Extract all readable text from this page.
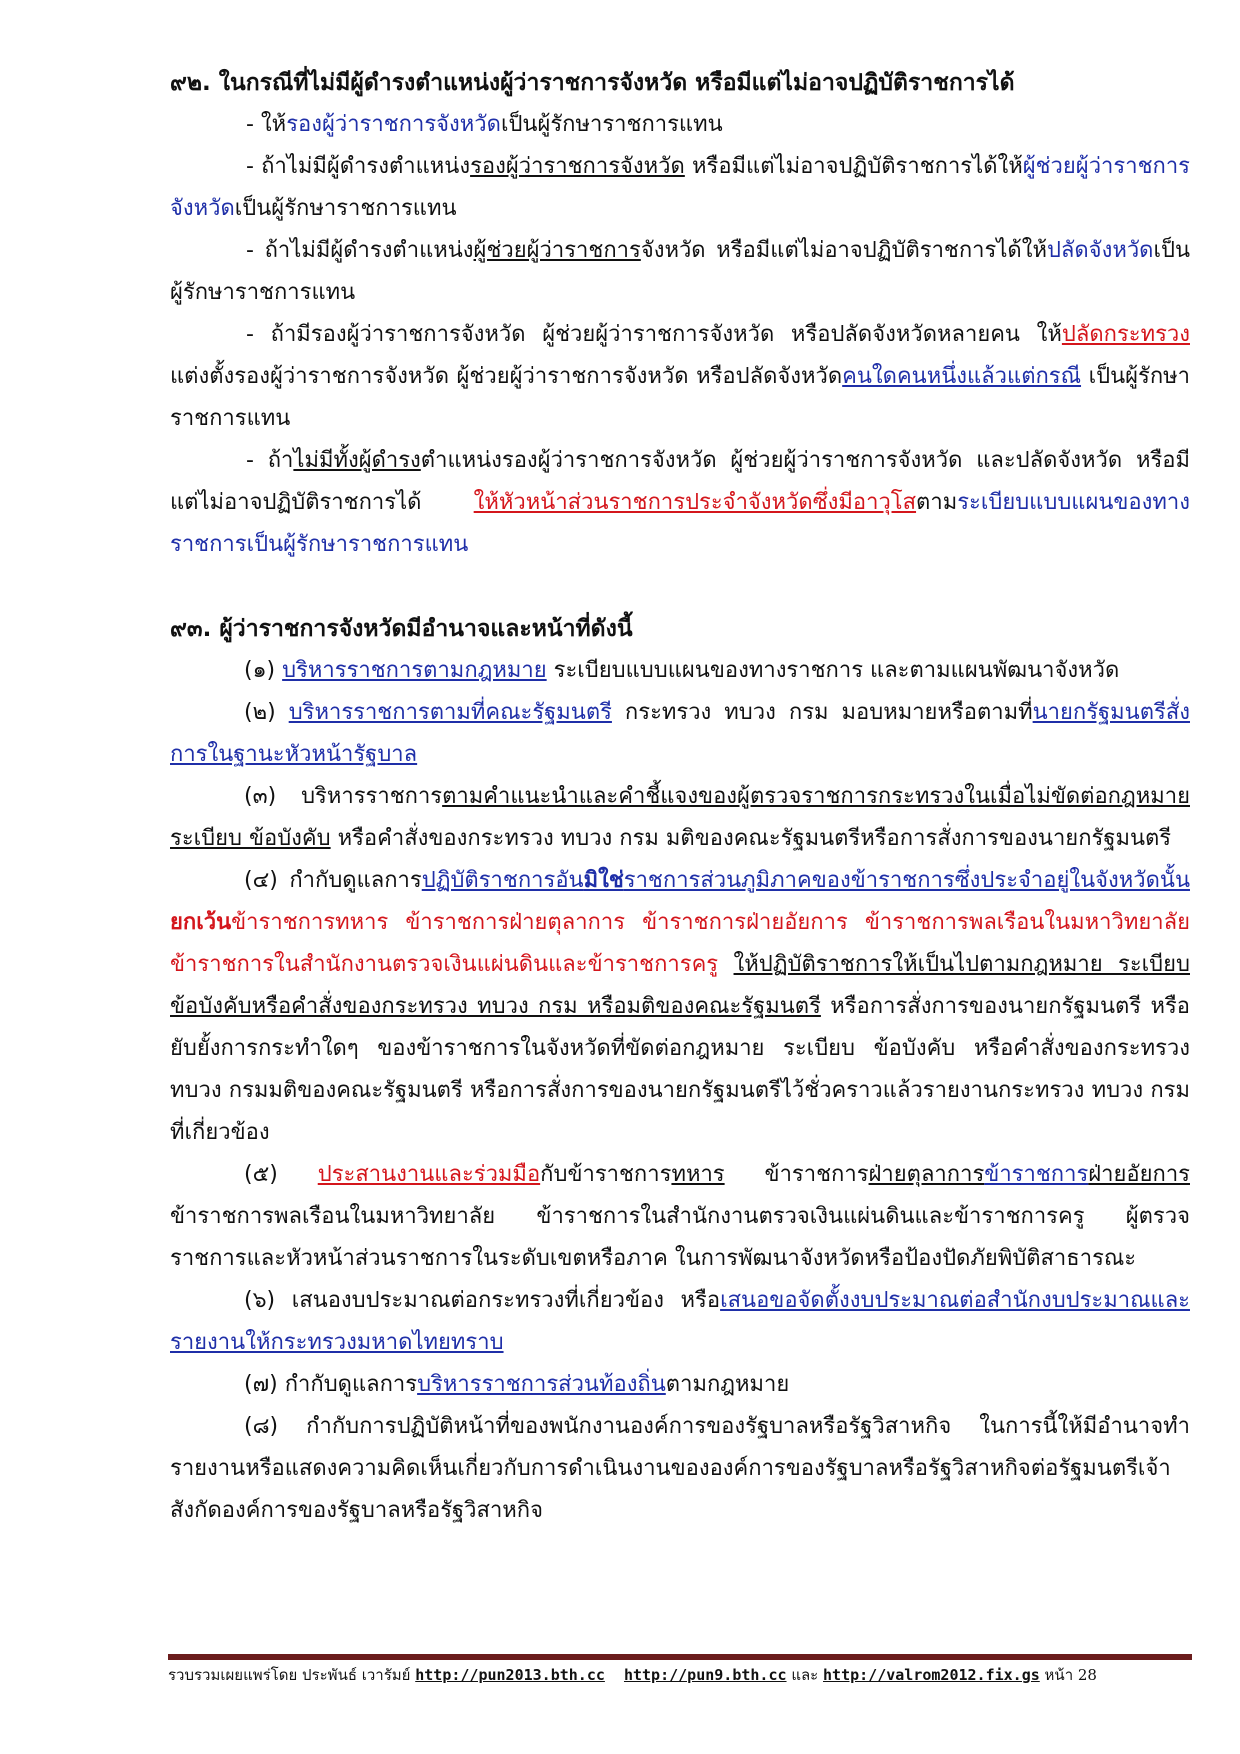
๙๒. ในกรณีที่ไม่มีผู้ดำรงตำแหน่งผู้ว่าราชการจังหวัด หรือมีแต่ไม่อาจปฏิบัติราชการได้

- ให้รองผู้ว่าราชการจังหวัดเป็นผู้รักษาราชการแทน

- ถ้าไม่มีผู้ดำรงตำแหน่งรองผู้ว่าราชการจังหวัด หรือมีแต่ไม่อาจปฏิบัติราชการได้ให้ผู้ช่วยผู้ว่าราชการจังหวัดเป็นผู้รักษาราชการแทน

- ถ้าไม่มีผู้ดำรงตำแหน่งผู้ช่วยผู้ว่าราชการจังหวัด หรือมีแต่ไม่อาจปฏิบัติราชการได้ให้ปลัดจังหวัดเป็นผู้รักษาราชการแทน

- ถ้ามีรองผู้ว่าราชการจังหวัด ผู้ช่วยผู้ว่าราชการจังหวัด หรือปลัดจังหวัดหลายคน ให้ปลัดกระทรวงแต่งตั้งรองผู้ว่าราชการจังหวัด ผู้ช่วยผู้ว่าราชการจังหวัด หรือปลัดจังหวัดคนใดคนหนึ่งแล้วแต่กรณี เป็นผู้รักษาราชการแทน

- ถ้าไม่มีทั้งผู้ดำรงตำแหน่งรองผู้ว่าราชการจังหวัด ผู้ช่วยผู้ว่าราชการจังหวัด และปลัดจังหวัด หรือมีแต่ไม่อาจปฏิบัติราชการได้ ให้หัวหน้าส่วนราชการประจำจังหวัดซึ่งมีอาวุโสตามระเบียบแบบแผนของทางราชการเป็นผู้รักษาราชการแทน

๙๓. ผู้ว่าราชการจังหวัดมีอำนาจและหน้าที่ดังนี้

(๑) บริหารราชการตามกฎหมาย ระเบียบแบบแผนของทางราชการ และตามแผนพัฒนาจังหวัด

(๒) บริหารราชการตามที่คณะรัฐมนตรี กระทรวง ทบวง กรม มอบหมายหรือตามที่นายกรัฐมนตรีสั่งการในฐานะหัวหน้ารัฐบาล

(๓) บริหารราชการตามคำแนะนำและคำชี้แจงของผู้ตรวจราชการกระทรวงในเมื่อไม่ขัดต่อกฎหมาย ระเบียบ ข้อบังคับ หรือคำสั่งของกระทรวง ทบวง กรม มติของคณะรัฐมนตรีหรือการสั่งการของนายกรัฐมนตรี

(๔) กำกับดูแลการปฏิบัติราชการอันมิใช่ราชการส่วนภูมิภาคของข้าราชการซึ่งประจำอยู่ในจังหวัดนั้น ยกเว้นข้าราชการทหาร ข้าราชการฝ่ายตุลาการ ข้าราชการฝ่ายอัยการ ข้าราชการพลเรือนในมหาวิทยาลัย ข้าราชการในสำนักงานตรวจเงินแผ่นดินและข้าราชการครู ให้ปฏิบัติราชการให้เป็นไปตามกฎหมาย ระเบียบ ข้อบังคับหรือคำสั่งของกระทรวง ทบวง กรม หรือมติของคณะรัฐมนตรี หรือการสั่งการของนายกรัฐมนตรี หรือยับยั้งการกระทำใดๆ ของข้าราชการในจังหวัดที่ขัดต่อกฎหมาย ระเบียบ ข้อบังคับ หรือคำสั่งของกระทรวง ทบวง กรมมติของคณะรัฐมนตรี หรือการสั่งการของนายกรัฐมนตรีไว้ชั่วคราวแล้วรายงานกระทรวง ทบวง กรม ที่เกี่ยวข้อง

(๕) ประสานงานและร่วมมือกับข้าราชการทหาร ข้าราชการฝ่ายตุลาการข้าราชการฝ่ายอัยการ ข้าราชการพลเรือนในมหาวิทยาลัย ข้าราชการในสำนักงานตรวจเงินแผ่นดินและข้าราชการครู ผู้ตรวจราชการและหัวหน้าส่วนราชการในระดับเขตหรือภาค ในการพัฒนาจังหวัดหรือป้องปัดภัยพิบัติสาธารณะ

(๖) เสนองบประมาณต่อกระทรวงที่เกี่ยวข้อง หรือเสนอขอจัดตั้งงบประมาณต่อสำนักงบประมาณและรายงานให้กระทรวงมหาดไทยทราบ

(๗) กำกับดูแลการบริหารราชการส่วนท้องถิ่นตามกฎหมาย

(๘) กำกับการปฏิบัติหน้าที่ของพนักงานองค์การของรัฐบาลหรือรัฐวิสาหกิจ ในการนี้ให้มีอำนาจทำรายงานหรือแสดงความคิดเห็นเกี่ยวกับการดำเนินงานขององค์การของรัฐบาลหรือรัฐวิสาหกิจต่อรัฐมนตรีเจ้าสังกัดองค์การของรัฐบาลหรือรัฐวิสาหกิจ

รวบรวมเผยแพร่โดย ประพันธ์ เวารัมย์ http://pun2013.bth.cc http://pun9.bth.cc และ http://valrom2012.fix.gs หน้า 28
